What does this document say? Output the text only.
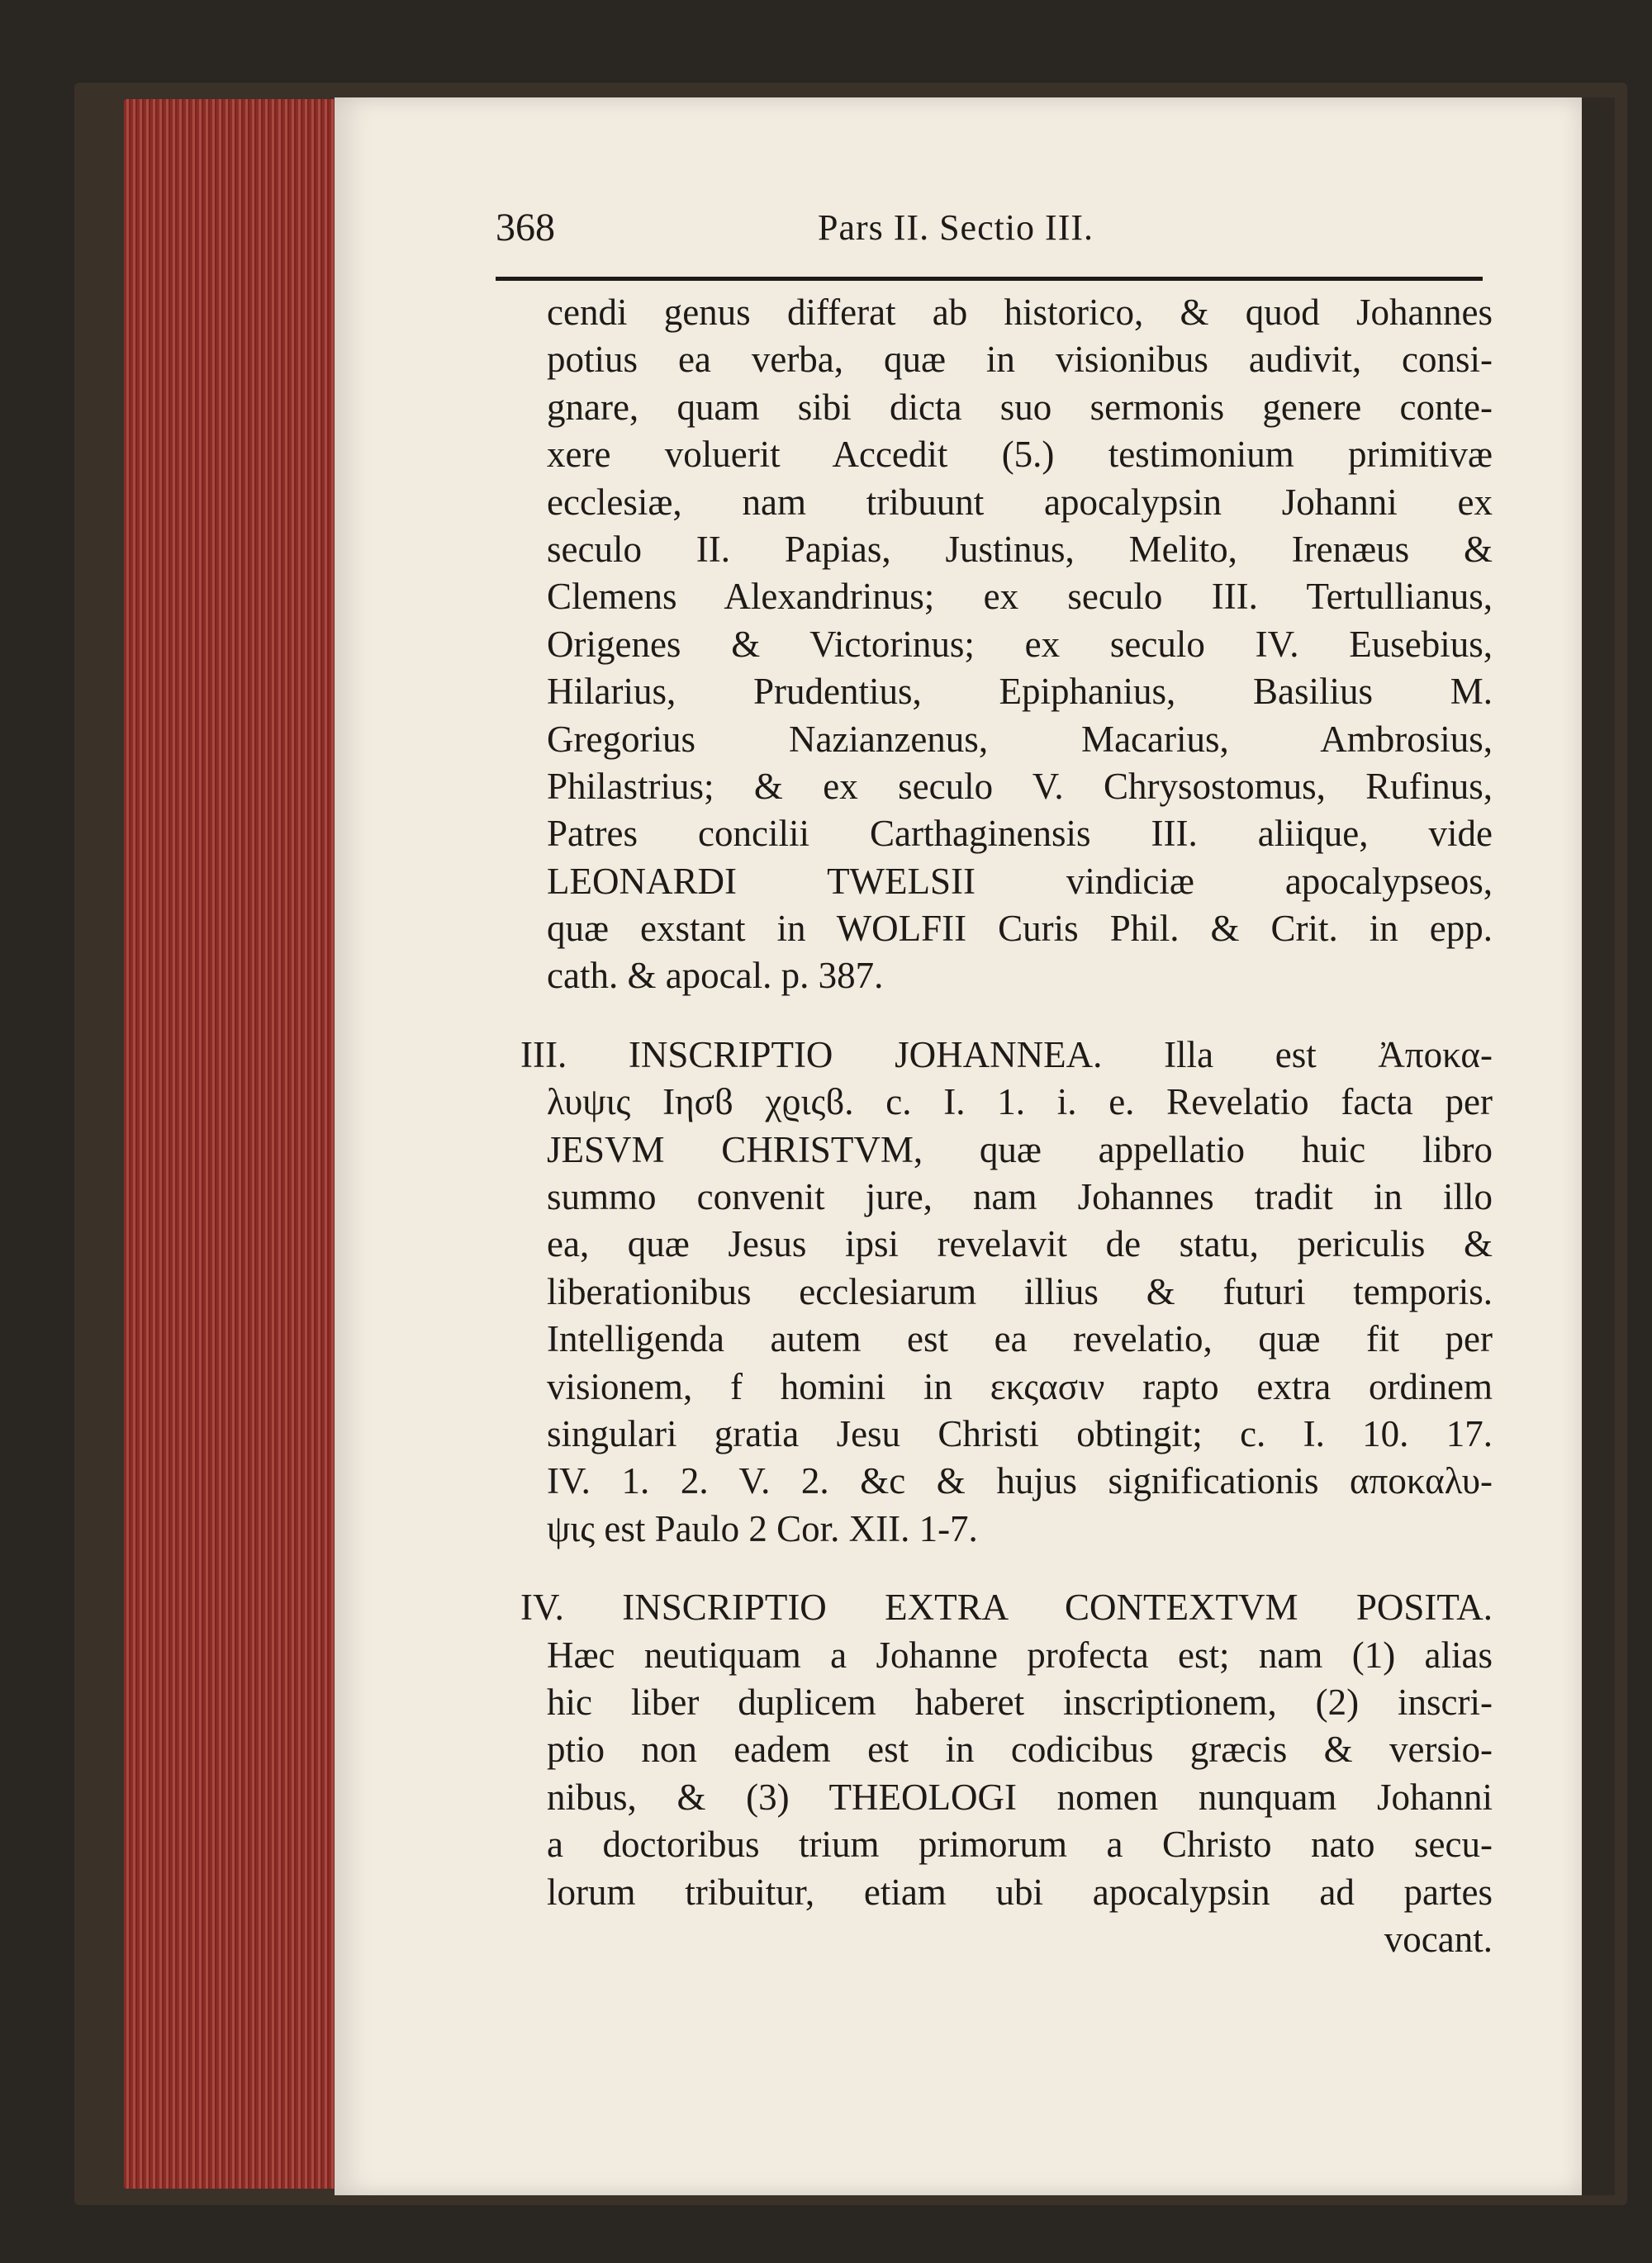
368	Pars II. Sectio III.
cendi genus differat ab historico, & quod Johannes
potius ea verba, quæ in visionibus audivit, consi-
gnare, quam sibi dicta suo sermonis genere conte-
xere voluerit Accedit (5.) testimonium primitivæ
ecclesiæ, nam tribuunt apocalypsin Johanni ex
seculo II. Papias, Justinus, Melito, Irenæus &
Clemens Alexandrinus; ex seculo III. Tertullianus,
Origenes & Victorinus; ex seculo IV. Eusebius,
Hilarius, Prudentius, Epiphanius, Basilius M.
Gregorius Nazianzenus, Macarius, Ambrosius,
Philastrius; & ex seculo V. Chrysostomus, Rufinus,
Patres concilii Carthaginensis III. aliique, vide
LEONARDI TWELSII vindiciæ apocalypseos,
quæ exstant in WOLFII Curis Phil. & Crit. in epp.
cath. & apocal. p. 387.
III. INSCRIPTIO JOHANNEA. Illa est Ἀποκα-
λυψις Ιησϐ χϱιςϐ. c. I. 1. i. e. Revelatio facta per
JESVM CHRISTVM, quæ appellatio huic libro
summo convenit jure, nam Johannes tradit in illo
ea, quæ Jesus ipsi revelavit de statu, periculis &
liberationibus ecclesiarum illius & futuri temporis.
Intelligenda autem est ea revelatio, quæ fit per
visionem, f homini in εκςασιν rapto extra ordinem
singulari gratia Jesu Christi obtingit; c. I. 10. 17.
IV. 1. 2. V. 2. &c & hujus significationis αποκαλυ-
ψις est Paulo 2 Cor. XII. 1-7.
IV. INSCRIPTIO EXTRA CONTEXTVM POSITA.
Hæc neutiquam a Johanne profecta est; nam (1) alias
hic liber duplicem haberet inscriptionem, (2) inscri-
ptio non eadem est in codicibus græcis & versio-
nibus, & (3) THEOLOGI nomen nunquam Johanni
a doctoribus trium primorum a Christo nato secu-
lorum tribuitur, etiam ubi apocalypsin ad partes
vocant.
